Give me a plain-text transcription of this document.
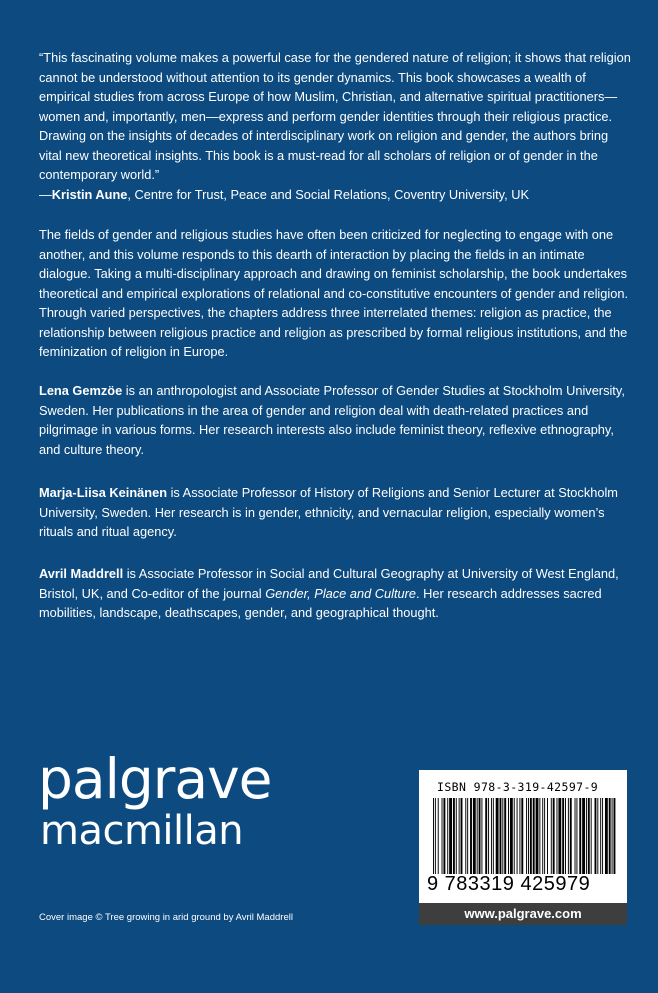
“This fascinating volume makes a powerful case for the gendered nature of religion; it shows that religion cannot be understood without attention to its gender dynamics. This book showcases a wealth of empirical studies from across Europe of how Muslim, Christian, and alternative spiritual practitioners—women and, importantly, men—express and perform gender identities through their religious practice. Drawing on the insights of decades of interdisciplinary work on religion and gender, the authors bring vital new theoretical insights. This book is a must-read for all scholars of religion or of gender in the contemporary world.”
—Kristin Aune, Centre for Trust, Peace and Social Relations, Coventry University, UK
The fields of gender and religious studies have often been criticized for neglecting to engage with one another, and this volume responds to this dearth of interaction by placing the fields in an intimate dialogue. Taking a multi-disciplinary approach and drawing on feminist scholarship, the book undertakes theoretical and empirical explorations of relational and co-constitutive encounters of gender and religion. Through varied perspectives, the chapters address three interrelated themes: religion as practice, the relationship between religious practice and religion as prescribed by formal religious institutions, and the feminization of religion in Europe.
Lena Gemzöe is an anthropologist and Associate Professor of Gender Studies at Stockholm University, Sweden. Her publications in the area of gender and religion deal with death-related practices and pilgrimage in various forms. Her research interests also include feminist theory, reflexive ethnography, and culture theory.
Marja-Liisa Keinänen is Associate Professor of History of Religions and Senior Lecturer at Stockholm University, Sweden. Her research is in gender, ethnicity, and vernacular religion, especially women’s rituals and ritual agency.
Avril Maddrell is Associate Professor in Social and Cultural Geography at University of West England, Bristol, UK, and Co-editor of the journal Gender, Place and Culture. Her research addresses sacred mobilities, landscape, deathscapes, gender, and geographical thought.
palgrave
macmillan
Cover image © Tree growing in arid ground by Avril Maddrell
ISBN 978-3-319-42597-9
9 783319 425979
www.palgrave.com
